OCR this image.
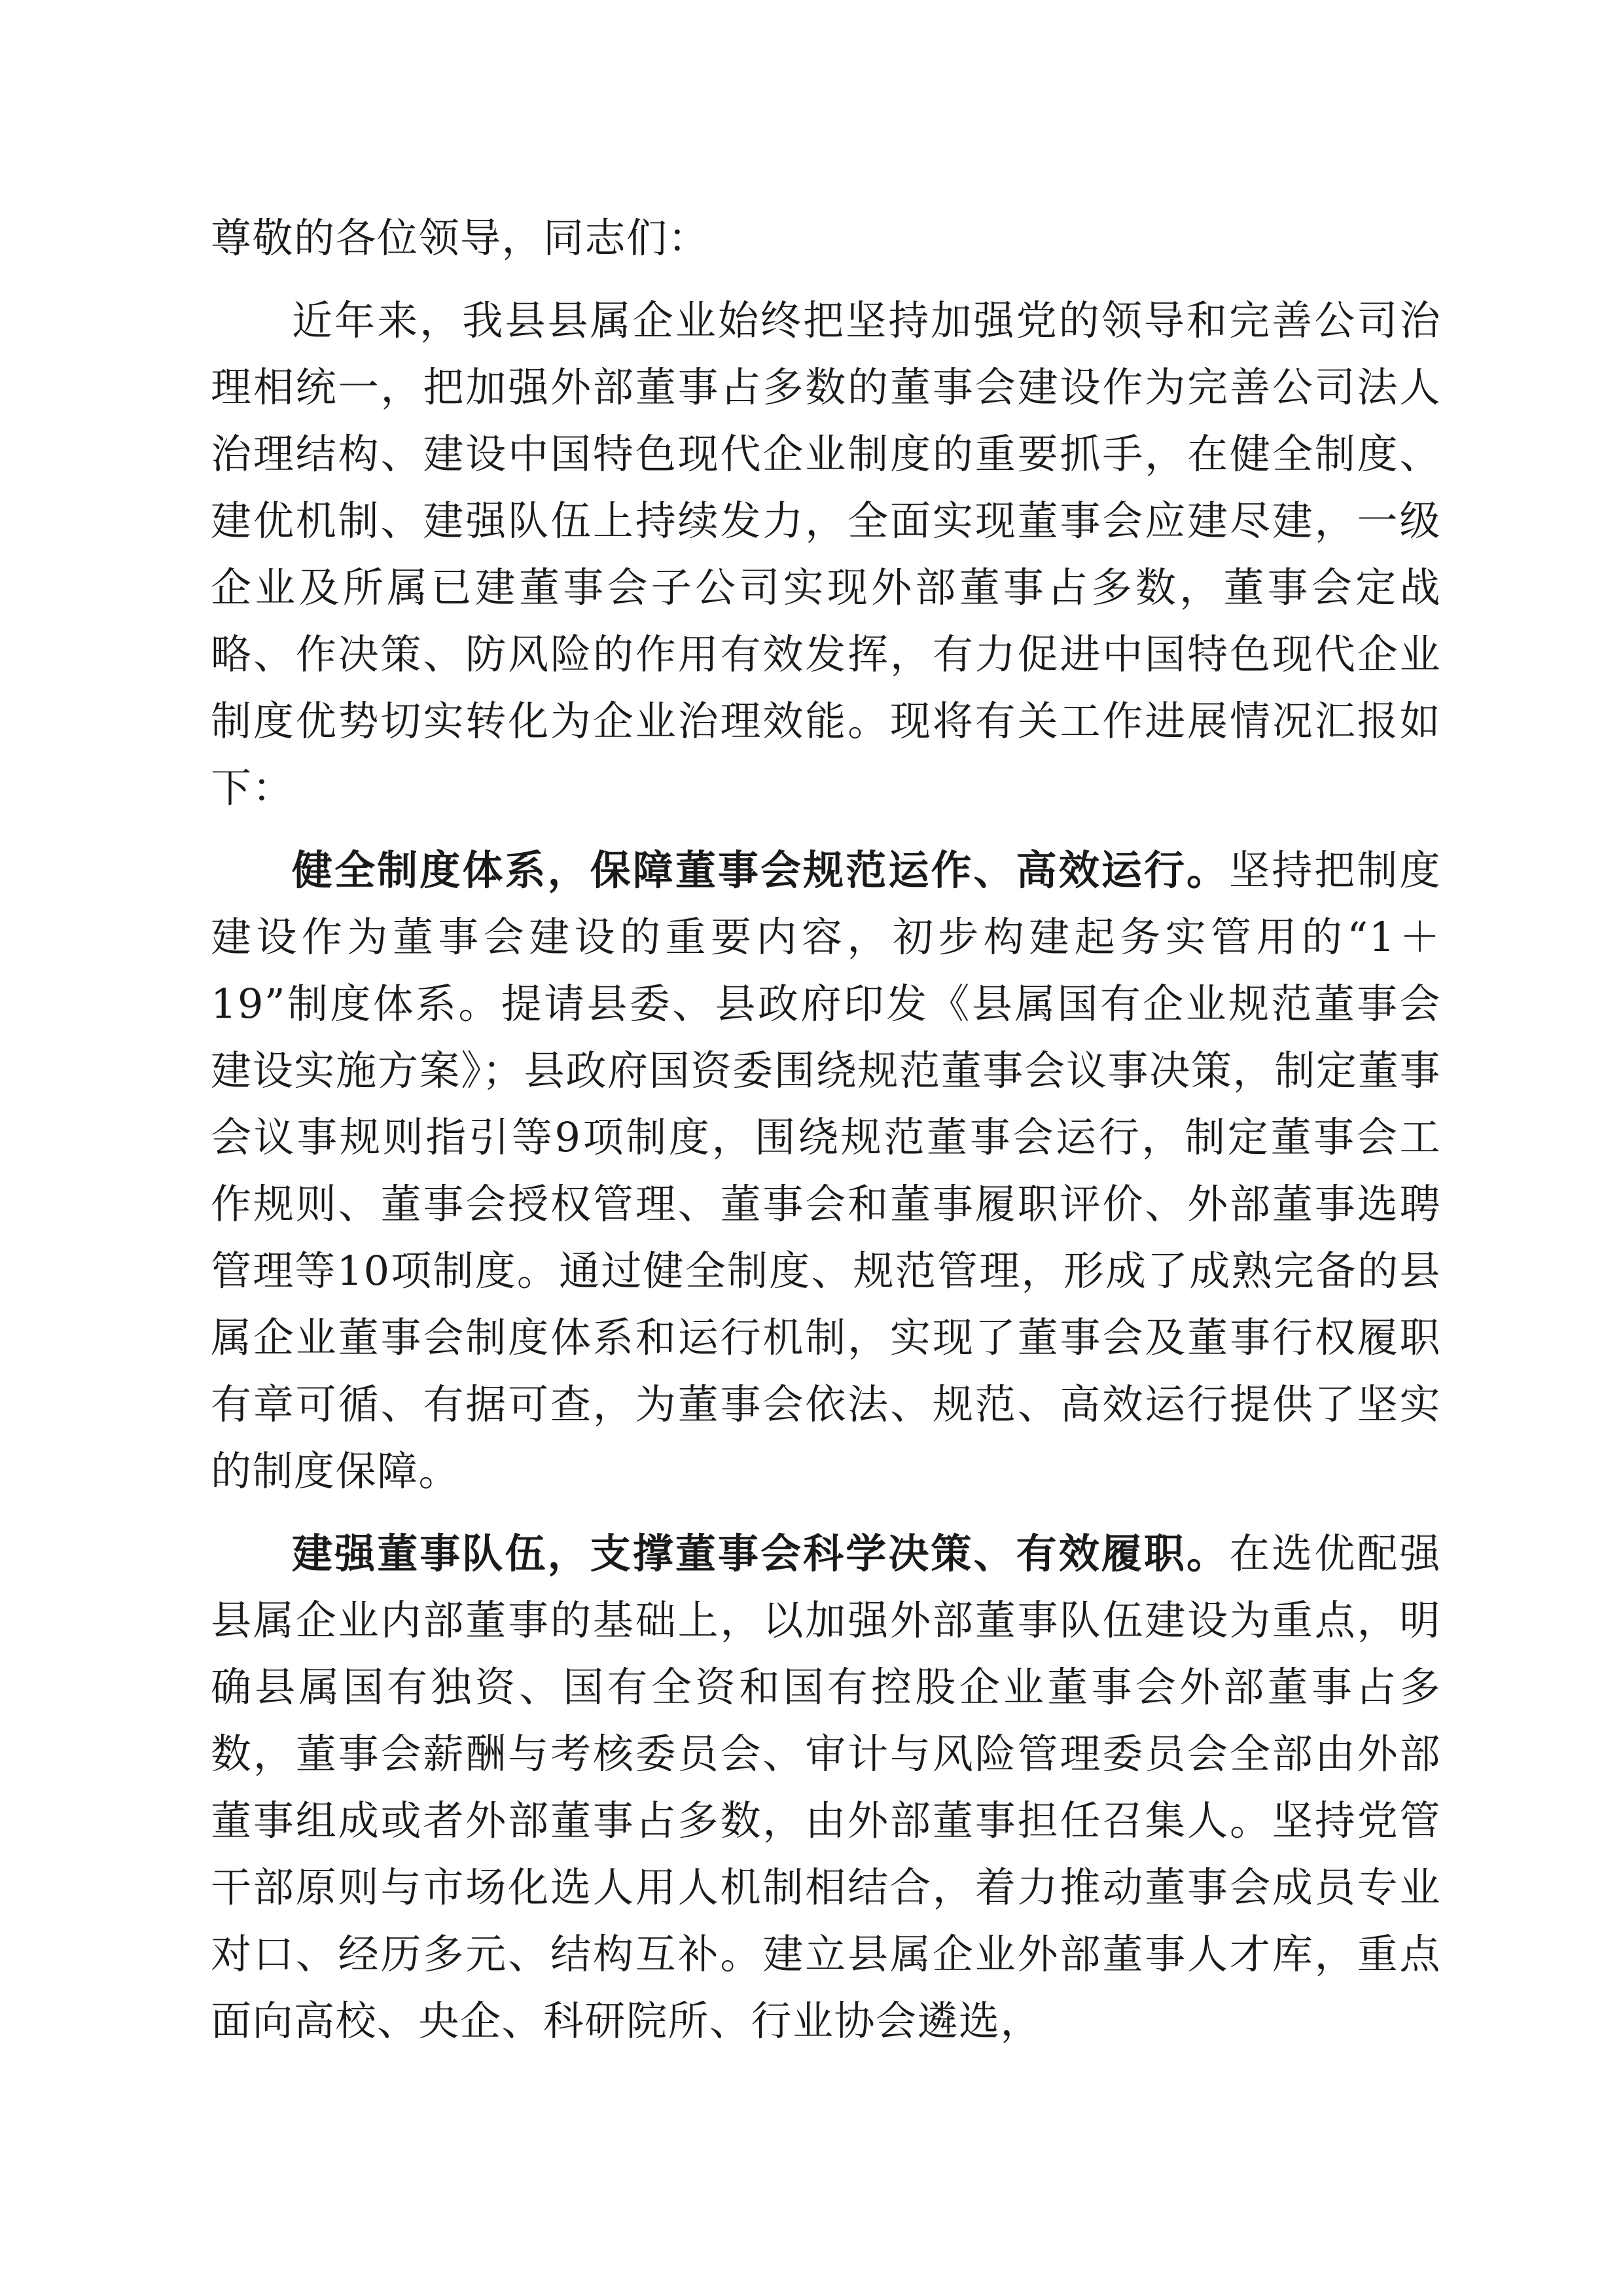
尊敬的各位领导，同志们：

近年来，我县县属企业始终把坚持加强党的领导和完善公司治理相统一，把加强外部董事占多数的董事会建设作为完善公司法人治理结构、建设中国特色现代企业制度的重要抓手，在健全制度、建优机制、建强队伍上持续发力，全面实现董事会应建尽建，一级企业及所属已建董事会子公司实现外部董事占多数，董事会定战略、作决策、防风险的作用有效发挥，有力促进中国特色现代企业制度优势切实转化为企业治理效能。现将有关工作进展情况汇报如下：

健全制度体系，保障董事会规范运作、高效运行。坚持把制度建设作为董事会建设的重要内容，初步构建起务实管用的“1＋19”制度体系。提请县委、县政府印发《县属国有企业规范董事会建设实施方案》；县政府国资委围绕规范董事会议事决策，制定董事会议事规则指引等9项制度，围绕规范董事会运行，制定董事会工作规则、董事会授权管理、董事会和董事履职评价、外部董事选聘管理等10项制度。通过健全制度、规范管理，形成了成熟完备的县属企业董事会制度体系和运行机制，实现了董事会及董事行权履职有章可循、有据可查，为董事会依法、规范、高效运行提供了坚实的制度保障。

建强董事队伍，支撑董事会科学决策、有效履职。在选优配强县属企业内部董事的基础上，以加强外部董事队伍建设为重点，明确县属国有独资、国有全资和国有控股企业董事会外部董事占多数，董事会薪酬与考核委员会、审计与风险管理委员会全部由外部董事组成或者外部董事占多数，由外部董事担任召集人。坚持党管干部原则与市场化选人用人机制相结合，着力推动董事会成员专业对口、经历多元、结构互补。建立县属企业外部董事人才库，重点面向高校、央企、科研院所、行业协会遴选，
